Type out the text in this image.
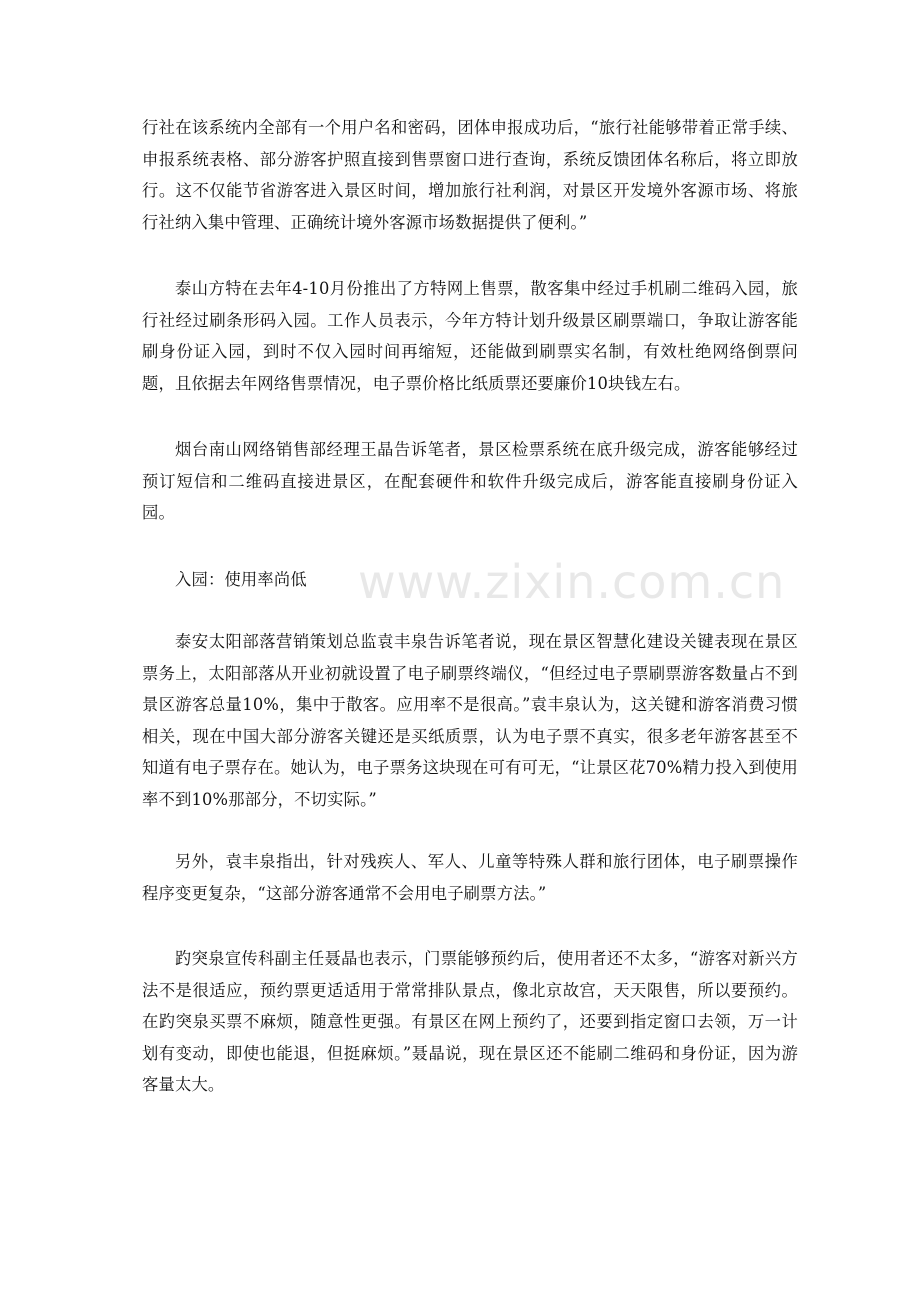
行社在该系统内全部有一个用户名和密码，团体申报成功后，“旅行社能够带着正常手续、申报系统表格、部分游客护照直接到售票窗口进行查询，系统反馈团体名称后，将立即放行。这不仅能节省游客进入景区时间，增加旅行社利润，对景区开发境外客源市场、将旅行社纳入集中管理、正确统计境外客源市场数据提供了便利。”

泰山方特在去年4-10月份推出了方特网上售票，散客集中经过手机刷二维码入园，旅行社经过刷条形码入园。工作人员表示，今年方特计划升级景区刷票端口，争取让游客能刷身份证入园，到时不仅入园时间再缩短，还能做到刷票实名制，有效杜绝网络倒票问题，且依据去年网络售票情况，电子票价格比纸质票还要廉价10块钱左右。

烟台南山网络销售部经理王晶告诉笔者，景区检票系统在底升级完成，游客能够经过预订短信和二维码直接进景区，在配套硬件和软件升级完成后，游客能直接刷身份证入园。

入园：使用率尚低

泰安太阳部落营销策划总监袁丰泉告诉笔者说，现在景区智慧化建设关键表现在景区票务上，太阳部落从开业初就设置了电子刷票终端仪，“但经过电子票刷票游客数量占不到景区游客总量10%，集中于散客。应用率不是很高。”袁丰泉认为，这关键和游客消费习惯相关，现在中国大部分游客关键还是买纸质票，认为电子票不真实，很多老年游客甚至不知道有电子票存在。她认为，电子票务这块现在可有可无，“让景区花70%精力投入到使用率不到10%那部分，不切实际。”

另外，袁丰泉指出，针对残疾人、军人、儿童等特殊人群和旅行团体，电子刷票操作程序变更复杂，“这部分游客通常不会用电子刷票方法。”

趵突泉宣传科副主任聂晶也表示，门票能够预约后，使用者还不太多，“游客对新兴方法不是很适应，预约票更适适用于常常排队景点，像北京故宫，天天限售，所以要预约。在趵突泉买票不麻烦，随意性更强。有景区在网上预约了，还要到指定窗口去领，万一计划有变动，即使也能退，但挺麻烦。”聂晶说，现在景区还不能刷二维码和身份证，因为游客量太大。

www.zixin.com.cn
